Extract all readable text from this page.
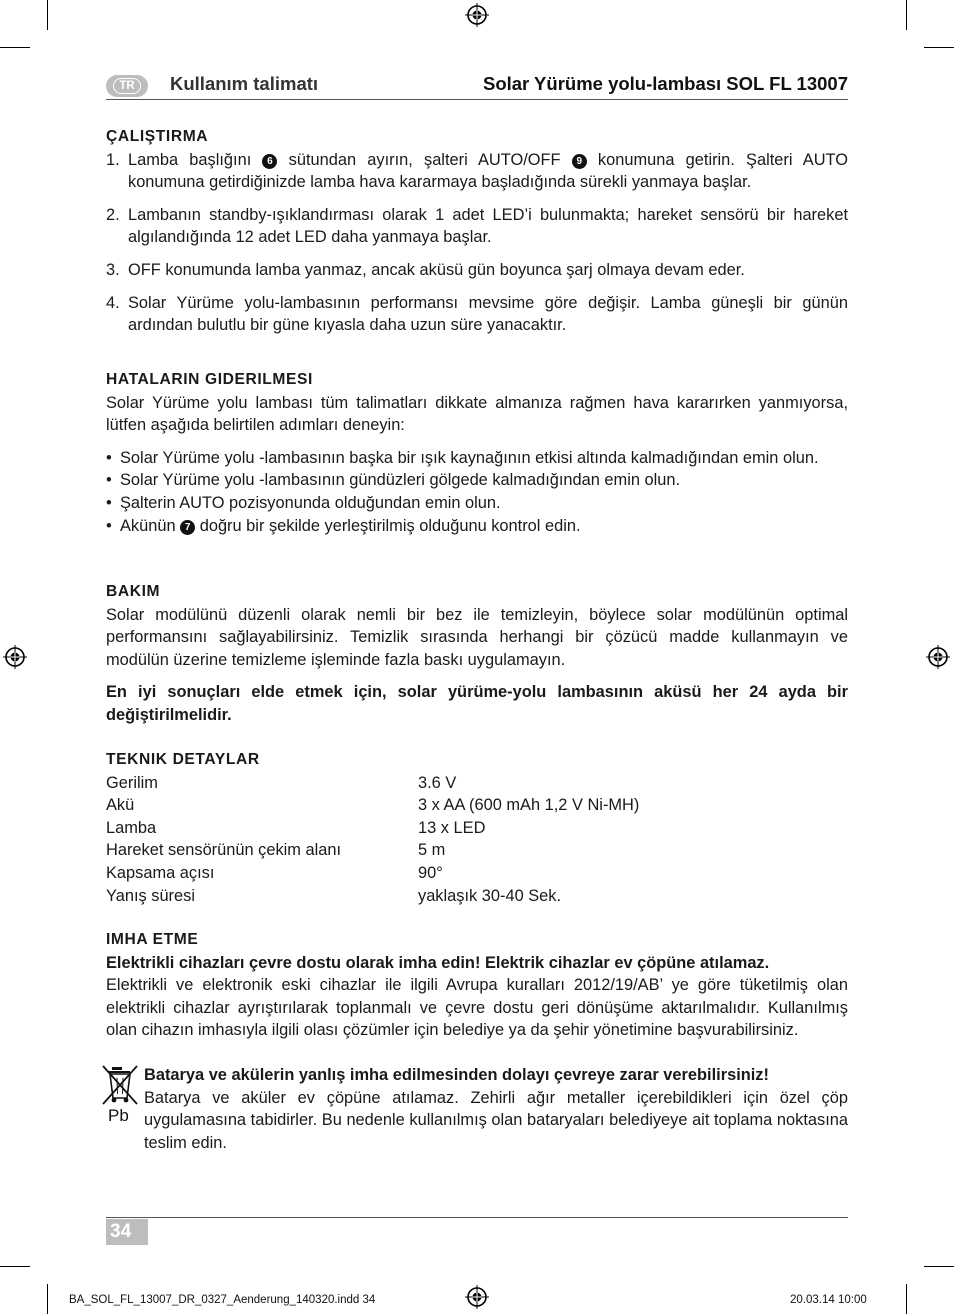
TR	Kullanım talimatı	Solar Yürüme yolu-lambası SOL FL 13007

ÇALIŞTIRMA

1. Lamba başlığını 6 sütundan ayırın, şalteri AUTO/OFF 9 konumuna getirin. Şalteri AUTO konumuna getirdiğinizde lamba hava kararmaya başladığında sürekli yanmaya başlar.
2. Lambanın standby-ışıklandırması olarak 1 adet LED’i bulunmakta; hareket sensörü bir hareket algılandığında 12 adet LED daha yanmaya başlar.
3. OFF konumunda lamba yanmaz, ancak aküsü gün boyunca şarj olmaya devam eder.
4. Solar Yürüme yolu-lambasının performansı mevsime göre değişir. Lamba güneşli bir günün ardından bulutlu bir güne kıyasla daha uzun süre yanacaktır.

HATALARIN GIDERILMESI

Solar Yürüme yolu lambası tüm talimatları dikkate almanıza rağmen hava kararırken yanmıyorsa, lütfen aşağıda belirtilen adımları deneyin:

• Solar Yürüme yolu -lambasının başka bir ışık kaynağının etkisi altında kalmadığından emin olun.
• Solar Yürüme yolu -lambasının gündüzleri gölgede kalmadığından emin olun.
• Şalterin AUTO pozisyonunda olduğundan emin olun.
• Akünün 7 doğru bir şekilde yerleştirilmiş olduğunu kontrol edin.

BAKIM

Solar modülünü düzenli olarak nemli bir bez ile temizleyin, böylece solar modülünün optimal performansını sağlayabilirsiniz. Temizlik sırasında herhangi bir çözücü madde kullanmayın ve modülün üzerine temizleme işleminde fazla baskı uygulamayın.

En iyi sonuçları elde etmek için, solar yürüme-yolu lambasının aküsü her 24 ayda bir değiştirilmelidir.

TEKNIK DETAYLAR

Gerilim	3.6 V
Akü	3 x AA (600 mAh 1,2 V Ni-MH)
Lamba	13 x LED
Hareket sensörünün çekim alanı	5 m
Kapsama açısı	90°
Yanış süresi	yaklaşık 30-40 Sek.

IMHA ETME

Elektrikli cihazları çevre dostu olarak imha edin! Elektrik cihazlar ev çöpüne atılamaz.

Elektrikli ve elektronik eski cihazlar ile ilgili Avrupa kuralları 2012/19/AB’ ye göre tüketilmiş olan elektrikli cihazlar ayrıştırılarak toplanmalı ve çevre dostu geri dönüşüme aktarılmalıdır. Kullanılmış olan cihazın imhasıyla ilgili olası çözümler için belediye ya da şehir yönetimine başvurabilirsiniz.

Pb

Batarya ve akülerin yanlış imha edilmesinden dolayı çevreye zarar verebilirsiniz!

Batarya ve aküler ev çöpüne atılamaz. Zehirli ağır metaller içerebildikleri için özel çöp uygulamasına tabidirler. Bu nedenle kullanılmış olan bataryaları belediyeye ait toplama noktasına teslim edin.

34
BA_SOL_FL_13007_DR_0327_Aenderung_140320.indd 34	20.03.14 10:00
